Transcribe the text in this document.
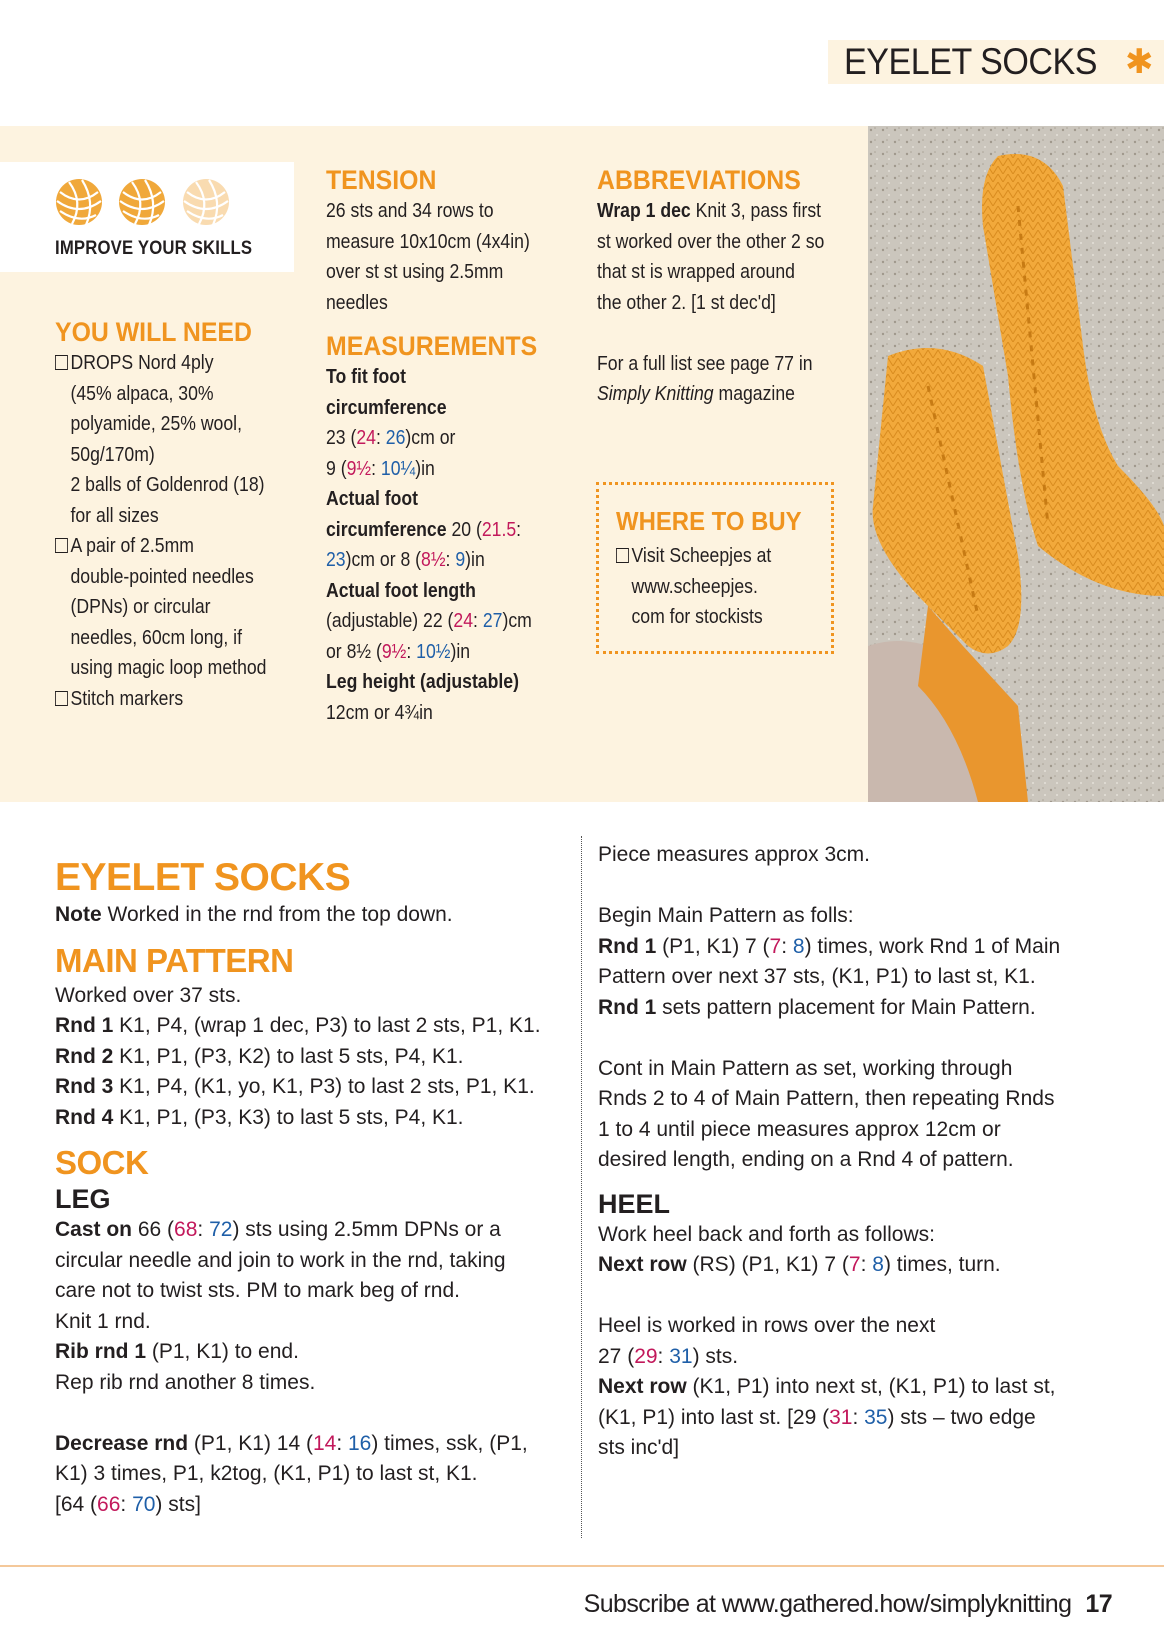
EYELET SOCKS ✱
IMPROVE YOUR SKILLS
YOU WILL NEED
DROPS Nord 4ply
(45% alpaca, 30%
polyamide, 25% wool,
50g/170m)
2 balls of Goldenrod (18)
for all sizes
A pair of 2.5mm
double-pointed needles
(DPNs) or circular
needles, 60cm long, if
using magic loop method
Stitch markers
TENSION
26 sts and 34 rows to
measure 10x10cm (4x4in)
over st st using 2.5mm
needles
MEASUREMENTS
To fit foot
circumference
23 (24: 26)cm or
9 (9½: 10¼)in
Actual foot
circumference 20 (21.5:
23)cm or 8 (8½: 9)in
Actual foot length
(adjustable) 22 (24: 27)cm
or 8½ (9½: 10½)in
Leg height (adjustable)
12cm or 4¾in
ABBREVIATIONS
Wrap 1 dec Knit 3, pass first
st worked over the other 2 so
that st is wrapped around
the other 2. [1 st dec'd]
For a full list see page 77 in
Simply Knitting magazine
WHERE TO BUY
Visit Scheepjes at
www.scheepjes.
com for stockists
EYELET SOCKS

Note Worked in the rnd from the top down.

MAIN PATTERN

Worked over 37 sts.

Rnd 1 K1, P4, (wrap 1 dec, P3) to last 2 sts, P1, K1.

Rnd 2 K1, P1, (P3, K2) to last 5 sts, P4, K1.

Rnd 3 K1, P4, (K1, yo, K1, P3) to last 2 sts, P1, K1.

Rnd 4 K1, P1, (P3, K3) to last 5 sts, P4, K1.

SOCK
LEG

Cast on 66 (68: 72) sts using 2.5mm DPNs or a

circular needle and join to work in the rnd, taking

care not to twist sts. PM to mark beg of rnd.

Knit 1 rnd.

Rib rnd 1 (P1, K1) to end.

Rep rib rnd another 8 times.

Decrease rnd (P1, K1) 14 (14: 16) times, ssk, (P1,

K1) 3 times, P1, k2tog, (K1, P1) to last st, K1.

[64 (66: 70) sts]

Piece measures approx 3cm.

Begin Main Pattern as folls:

Rnd 1 (P1, K1) 7 (7: 8) times, work Rnd 1 of Main

Pattern over next 37 sts, (K1, P1) to last st, K1.

Rnd 1 sets pattern placement for Main Pattern.

Cont in Main Pattern as set, working through

Rnds 2 to 4 of Main Pattern, then repeating Rnds

1 to 4 until piece measures approx 12cm or

desired length, ending on a Rnd 4 of pattern.

HEEL

Work heel back and forth as follows:

Next row (RS) (P1, K1) 7 (7: 8) times, turn.

Heel is worked in rows over the next

27 (29: 31) sts.

Next row (K1, P1) into next st, (K1, P1) to last st,

(K1, P1) into last st. [29 (31: 35) sts – two edge

sts inc'd]

Subscribe at www.gathered.how/simplyknitting 17
